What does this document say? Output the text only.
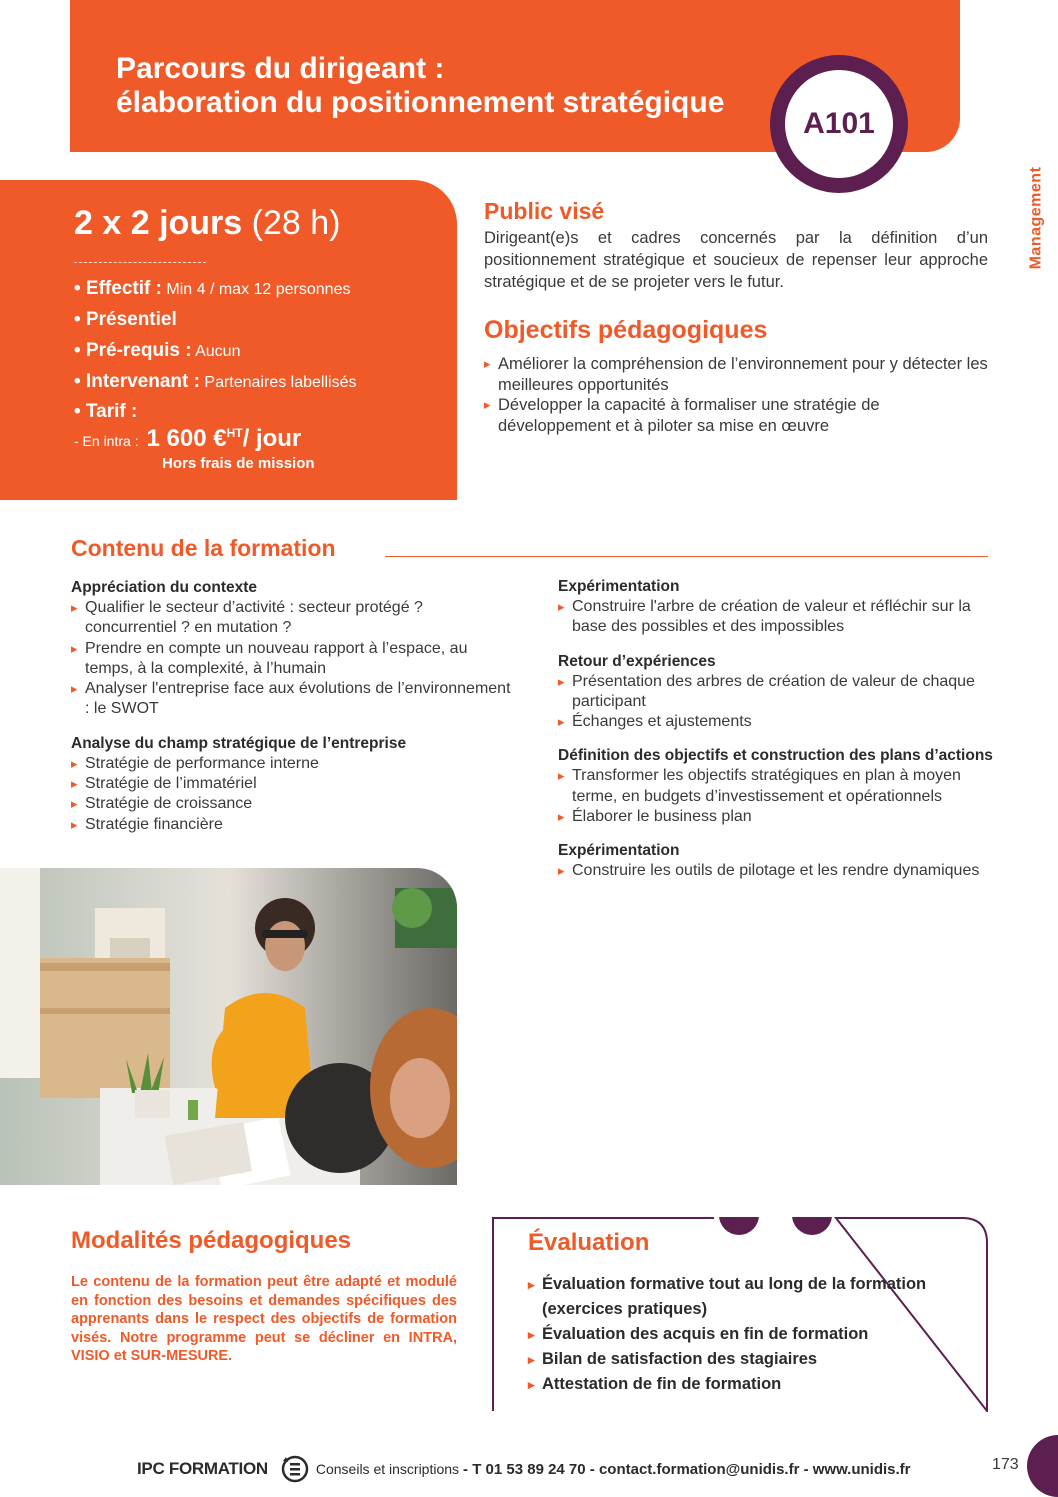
Parcours du dirigeant :
élaboration du positionnement stratégique
A101
Management
2 x 2 jours (28 h)
• Effectif : Min 4 / max 12 personnes
• Présentiel
• Pré-requis : Aucun
• Intervenant : Partenaires labellisés
• Tarif :
- En intra : 1 600 €$^{HT}$/ jour
Hors frais de mission
Public visé

Dirigeant(e)s et cadres concernés par la définition d’un positionnement stratégique et soucieux de repenser leur approche stratégique et de se projeter vers le futur.

Objectifs pédagogiques
▸ Améliorer la compréhension de l’environnement pour y détecter les meilleures opportunités
▸ Développer la capacité à formaliser une stratégie de développement et à piloter sa mise en œuvre
Contenu de la formation
Appréciation du contexte
▸ Qualifier le secteur d’activité : secteur protégé ? concurrentiel ? en mutation ?
▸ Prendre en compte un nouveau rapport à l’espace, au temps, à la complexité, à l’humain
▸ Analyser l'entreprise face aux évolutions de l’environnement : le SWOT
Analyse du champ stratégique de l’entreprise
▸ Stratégie de performance interne
▸ Stratégie de l’immatériel
▸ Stratégie de croissance
▸ Stratégie financière
Expérimentation
▸ Construire l'arbre de création de valeur et réfléchir sur la base des possibles et des impossibles
Retour d’expériences
▸ Présentation des arbres de création de valeur de chaque participant
▸ Échanges et ajustements
Définition des objectifs et construction des plans d’actions
▸ Transformer les objectifs stratégiques en plan à moyen terme, en budgets d’investissement et opérationnels
▸ Élaborer le business plan
Expérimentation
▸ Construire les outils de pilotage et les rendre dynamiques
Modalités pédagogiques

Le contenu de la formation peut être adapté et modulé en fonction des besoins et demandes spécifiques des apprenants dans le respect des objectifs de formation visés. Notre programme peut se décliner en INTRA, VISIO et SUR-MESURE.

Évaluation
▸ Évaluation formative tout au long de la formation (exercices pratiques)
▸ Évaluation des acquis en fin de formation
▸ Bilan de satisfaction des stagiaires
▸ Attestation de fin de formation
IPC FORMATION	Conseils et inscriptions - T 01 53 89 24 70 - contact.formation@unidis.fr - www.unidis.fr	173
